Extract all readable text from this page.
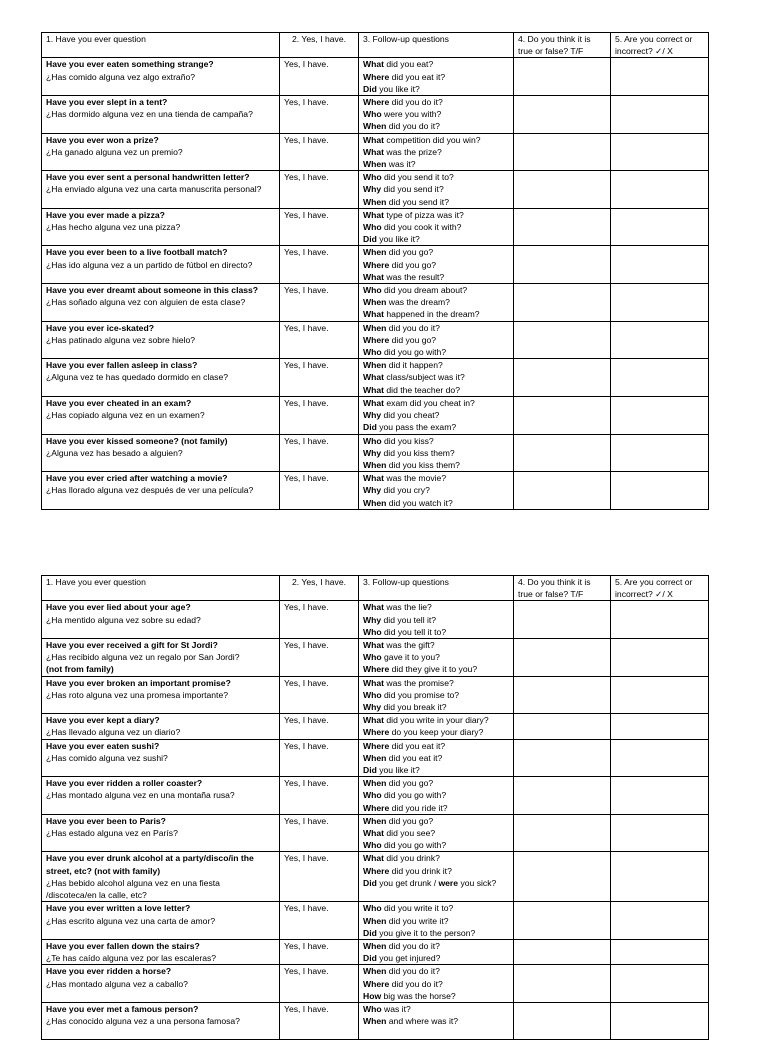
1. Have you ever question	2. Yes, I have.	3. Follow-up questions	4. Do you think it is true or false? T/F	5. Are you correct or incorrect? ✓/ X

Have you ever eaten something strange?
¿Has comido alguna vez algo extraño?	Yes, I have.	What did you eat?
Where did you eat it?
Did you like it?		

Have you ever slept in a tent?
¿Has dormido alguna vez en una tienda de campaña?	Yes, I have.	Where did you do it?
Who were you with?
When did you do it?		

Have you ever won a prize?
¿Ha ganado alguna vez un premio?	Yes, I have.	What competition did you win?
What was the prize?
When was it?		

Have you ever sent a personal handwritten letter?
¿Ha enviado alguna vez una carta manuscrita personal?	Yes, I have.	Who did you send it to?
Why did you send it?
When did you send it?		

Have you ever made a pizza?
¿Has hecho alguna vez una pizza?	Yes, I have.	What type of pizza was it?
Who did you cook it with?
Did you like it?		

Have you ever been to a live football match?
¿Has ido alguna vez a un partido de fútbol en directo?	Yes, I have.	When did you go?
Where did you go?
What was the result?		

Have you ever dreamt about someone in this class?
¿Has soñado alguna vez con alguien de esta clase?	Yes, I have.	Who did you dream about?
When was the dream?
What happened in the dream?		

Have you ever ice-skated?
¿Has patinado alguna vez sobre hielo?	Yes, I have.	When did you do it?
Where did you go?
Who did you go with?		

Have you ever fallen asleep in class?
¿Alguna vez te has quedado dormido en clase?	Yes, I have.	When did it happen?
What class/subject was it?
What did the teacher do?		

Have you ever cheated in an exam?
¿Has copiado alguna vez en un examen?	Yes, I have.	What exam did you cheat in?
Why did you cheat?
Did you pass the exam?		

Have you ever kissed someone? (not family)
¿Alguna vez has besado a alguien?	Yes, I have.	Who did you kiss?
Why did you kiss them?
When did you kiss them?		

Have you ever cried after watching a movie?
¿Has llorado alguna vez después de ver una película?	Yes, I have.	What was the movie?
Why did you cry?
When did you watch it?		

1. Have you ever question	2. Yes, I have.	3. Follow-up questions	4. Do you think it is true or false? T/F	5. Are you correct or incorrect? ✓/ X

Have you ever lied about your age?
¿Ha mentido alguna vez sobre su edad?	Yes, I have.	What was the lie?
Why did you tell it?
Who did you tell it to?		

Have you ever received a gift for St Jordi?
¿Has recibido alguna vez un regalo por San Jordi?
(not from family)	Yes, I have.	What was the gift?
Who gave it to you?
Where did they give it to you?		

Have you ever broken an important promise?
¿Has roto alguna vez una promesa importante?	Yes, I have.	What was the promise?
Who did you promise to?
Why did you break it?		

Have you ever kept a diary?
¿Has llevado alguna vez un diario?	Yes, I have.	What did you write in your diary?
Where do you keep your diary?		

Have you ever eaten sushi?
¿Has comido alguna vez sushi?	Yes, I have.	Where did you eat it?
When did you eat it?
Did you like it?		

Have you ever ridden a roller coaster?
¿Has montado alguna vez en una montaña rusa?	Yes, I have.	When did you go?
Who did you go with?
Where did you ride it?		

Have you ever been to Paris?
¿Has estado alguna vez en París?	Yes, I have.	When did you go?
What did you see?
Who did you go with?		

Have you ever drunk alcohol at a party/disco/in the street, etc? (not with family)
¿Has bebido alcohol alguna vez en una fiesta
/discoteca/en la calle, etc?	Yes, I have.	What did you drink?
Where did you drink it?
Did you get drunk / were you sick?		

Have you ever written a love letter?
¿Has escrito alguna vez una carta de amor?	Yes, I have.	Who did you write it to?
When did you write it?
Did you give it to the person?		

Have you ever fallen down the stairs?
¿Te has caído alguna vez por las escaleras?	Yes, I have.	When did you do it?
Did you get injured?		

Have you ever ridden a horse?
¿Has montado alguna vez a caballo?	Yes, I have.	When did you do it?
Where did you do it?
How big was the horse?		

Have you ever met a famous person?
¿Has conocido alguna vez a una persona famosa?	Yes, I have.	Who was it?
When and where was it?		
